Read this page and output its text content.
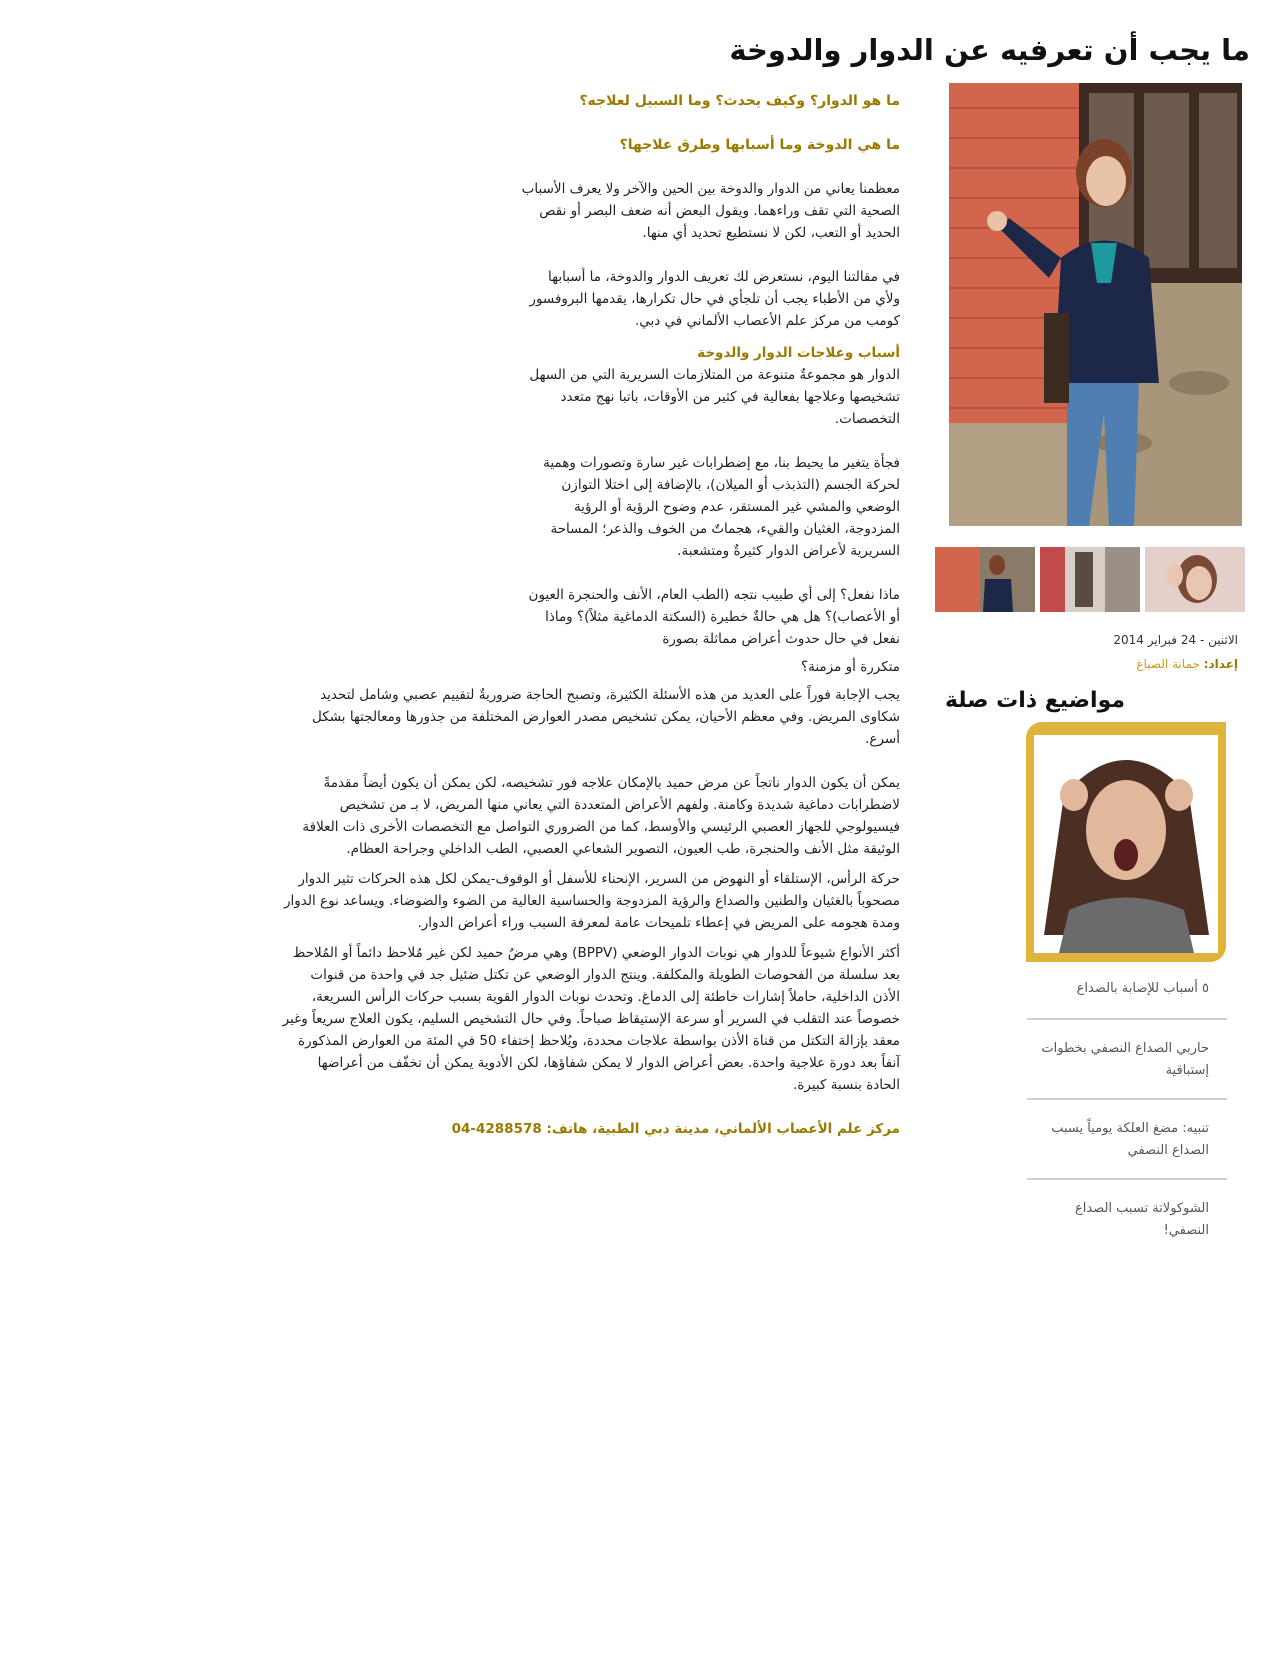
ما يجب أن تعرفيه عن الدوار والدوخة
الاثنين - 24 فبراير 2014
إعداد: جمانة الصباغ
مواضيع ذات صلة
٥ أسباب للإصابة بالصداع
حاربي الصداع النصفي بخطوات إستباقية
تنبيه: مضغ العلكة يومياً يسبب الصداع النصفي
الشوكولاتة تسبب الصداع النصفي!

ما هو الدوار؟ وكيف يحدث؟ وما السبيل لعلاجه؟

ما هي الدوخة وما أسبابها وطرق علاجها؟

معظمنا يعاني من الدوار والدوخة بين الحين والآخر ولا يعرف الأسباب الصحية التي تقف وراءهما. ويقول البعض أنه ضعف البصر أو نقص الحديد أو التعب، لكن لا نستطيع تحديد أي منها.

في مقالتنا اليوم، نستعرض لك تعريف الدوار والدوخة، ما أسبابها ولأي من الأطباء يجب أن تلجأي في حال تكرارها، يقدمها البروفسور كومب من مركز علم الأعصاب الألماني في دبي.

أسباب وعلاجات الدوار والدوخة

الدوار هو مجموعةٌ متنوعة من المتلازمات السريرية التي من السهل تشخيصها وعلاجها بفعالية في كثير من الأوقات، باتبا نهج متعدد التخصصات.

فجأة يتغير ما يحيط بنا، مع إضطرابات غير سارة وتصورات وهمية لحركة الجسم (التذبذب أو الميلان)، بالإضافة إلى اختلا التوازن الوضعي والمشي غير المستقر، عدم وضوح الرؤية أو الرؤية المزدوجة، الغثيان والقيء، هجماتٌ من الخوف والذعر؛ المساحة السريرية لأعراض الدوار كثيرةٌ ومتشعبة.

ماذا نفعل؟ إلى أي طبيب نتجه (الطب العام، الأنف والحنجرة العيون أو الأعصاب)؟ هل هي حالةٌ خطيرة (السكتة الدماغية مثلاً)؟ وماذا نفعل في حال حدوث أعراض مماثلة بصورة

متكررة أو مزمنة؟

يجب الإجابة فوراً على العديد من هذه الأسئلة الكثيرة، وتصبح الحاجة ضروريةٌ لتقييم عصبي وشامل لتحديد شكاوى المريض. وفي معظم الأحيان، يمكن تشخيص مصدر العوارض المختلفة من جذورها ومعالجتها بشكل أسرع.

يمكن أن يكون الدوار ناتجاً عن مرض حميد بالإمكان علاجه فور تشخيصه، لكن يمكن أن يكون أيضاً مقدمةً لاضطرابات دماغية شديدة وكامنة. ولفهم الأعراض المتعددة التي يعاني منها المريض، لا بـ من تشخيص فيسيولوجي للجهاز العصبي الرئيسي والأوسط، كما من الضروري التواصل مع التخصصات الأخرى ذات العلاقة الوثيقة مثل الأنف والحنجرة، طب العيون، التصوير الشعاعي العصبي، الطب الداخلي وجراحة العظام.

حركة الرأس، الإستلقاء أو النهوض من السرير، الإنحناء للأسفل أو الوقوف-يمكن لكل هذه الحركات تثير الدوار مصحوباً بالغثيان والطنين والصداع والرؤية المزدوجة والحساسية العالية من الضوء والضوضاء. ويساعد نوع الدوار ومدة هجومه على المريض في إعطاء تلميحات عامة لمعرفة السبب وراء أعراض الدوار.

أكثر الأنواع شيوعاً للدوار هي نوبات الدوار الوضعي (BPPV) وهي مرضٌ حميد لكن غير مُلاحظ دائماً أو المُلاحظ بعد سلسلة من الفحوصات الطويلة والمكلفة. وينتج الدوار الوضعي عن تكتل ضئيل جد في واحدة من قنوات الأذن الداخلية، حاملاً إشارات خاطئة إلى الدماغ. وتحدث نوبات الدوار القوية بسبب حركات الرأس السريعة، خصوصاً عند التقلب في السرير أو سرعة الإستيقاظ صباحاً. وفي حال التشخيص السليم، يكون العلاج سريعاً وغير معقد بإزالة التكتل من قناة الأذن بواسطة علاجات محددة، ويُلاحظ إختفاء 50 في المئة من العوارض المذكورة آنفاً بعد دورة علاجية واحدة. بعض أعراض الدوار لا يمكن شفاؤها، لكن الأدوية يمكن أن تخفّف من أعراضها الحادة بنسبة كبيرة.

مركز علم الأعصاب الألماني، مدينة دبي الطبية، هاتف: 4288578-04
